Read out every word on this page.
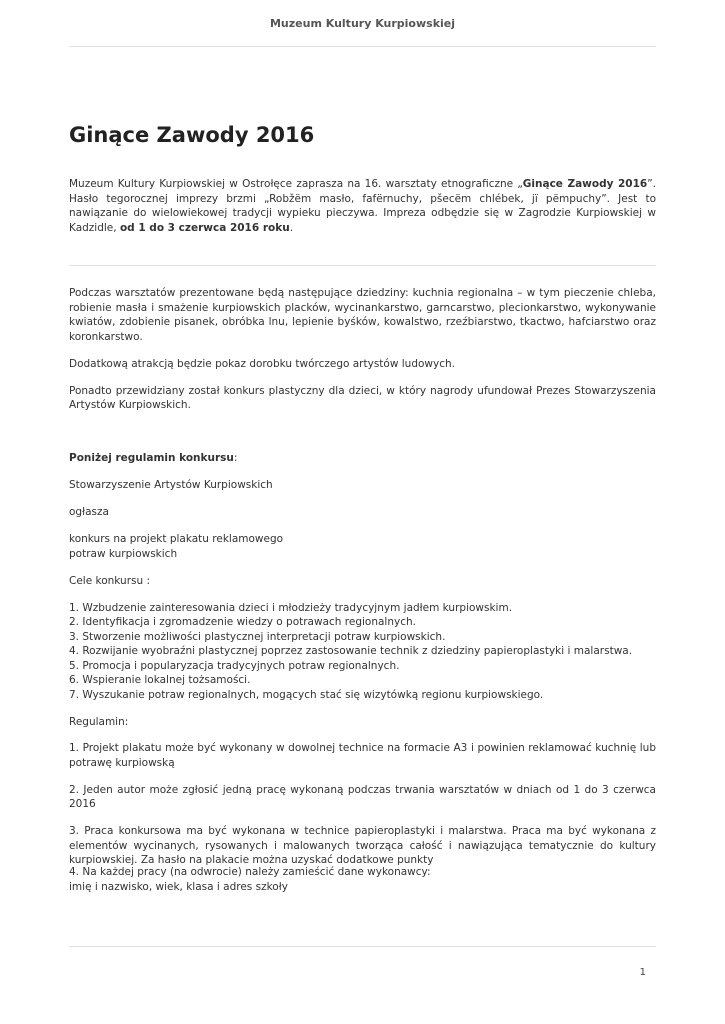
Muzeum Kultury Kurpiowskiej
Ginące Zawody 2016

Muzeum Kultury Kurpiowskiej w Ostrołęce zaprasza na 16. warsztaty etnograficzne „Ginące Zawody 2016”. Hasło tegorocznej imprezy brzmi „Robžëm masło, fafërnuchy, pšecëm chlébek, jï pëmpuchy”. Jest to nawiązanie do wielowiekowej tradycji wypieku pieczywa. Impreza odbędzie się w Zagrodzie Kurpiowskiej w Kadzidle, od 1 do 3 czerwca 2016 roku.

Podczas warsztatów prezentowane będą następujące dziedziny: kuchnia regionalna – w tym pieczenie chleba, robienie masła i smażenie kurpiowskich placków, wycinankarstwo, garncarstwo, plecionkarstwo, wykonywanie kwiatów, zdobienie pisanek, obróbka lnu, lepienie byśków, kowalstwo, rzeźbiarstwo, tkactwo, hafciarstwo oraz koronkarstwo.

Dodatkową atrakcją będzie pokaz dorobku twórczego artystów ludowych.

Ponadto przewidziany został konkurs plastyczny dla dzieci, w który nagrody ufundował Prezes Stowarzyszenia Artystów Kurpiowskich.

Poniżej regulamin konkursu:

Stowarzyszenie Artystów Kurpiowskich

ogłasza

konkurs na projekt plakatu reklamowego

potraw kurpiowskich

Cele konkursu :

1. Wzbudzenie zainteresowania dzieci i młodzieży tradycyjnym jadłem kurpiowskim.

2. Identyfikacja i zgromadzenie wiedzy o potrawach regionalnych.

3. Stworzenie możliwości plastycznej interpretacji potraw kurpiowskich.

4. Rozwijanie wyobraźni plastycznej poprzez zastosowanie technik z dziedziny papieroplastyki i malarstwa.

5. Promocja i popularyzacja tradycyjnych potraw regionalnych.

6. Wspieranie lokalnej tożsamości.

7. Wyszukanie potraw regionalnych, mogących stać się wizytówką regionu kurpiowskiego.

Regulamin:

1. Projekt plakatu może być wykonany w dowolnej technice na formacie A3 i powinien reklamować kuchnię lub potrawę kurpiowską

2. Jeden autor może zgłosić jedną pracę wykonaną podczas trwania warsztatów w dniach od 1 do 3 czerwca 2016

3. Praca konkursowa ma być wykonana w technice papieroplastyki i malarstwa. Praca ma być wykonana z elementów wycinanych, rysowanych i malowanych tworząca całość i nawiązująca tematycznie do kultury kurpiowskiej. Za hasło na plakacie można uzyskać dodatkowe punkty

4. Na każdej pracy (na odwrocie) należy zamieścić dane wykonawcy:

imię i nazwisko, wiek, klasa i adres szkoły

1
